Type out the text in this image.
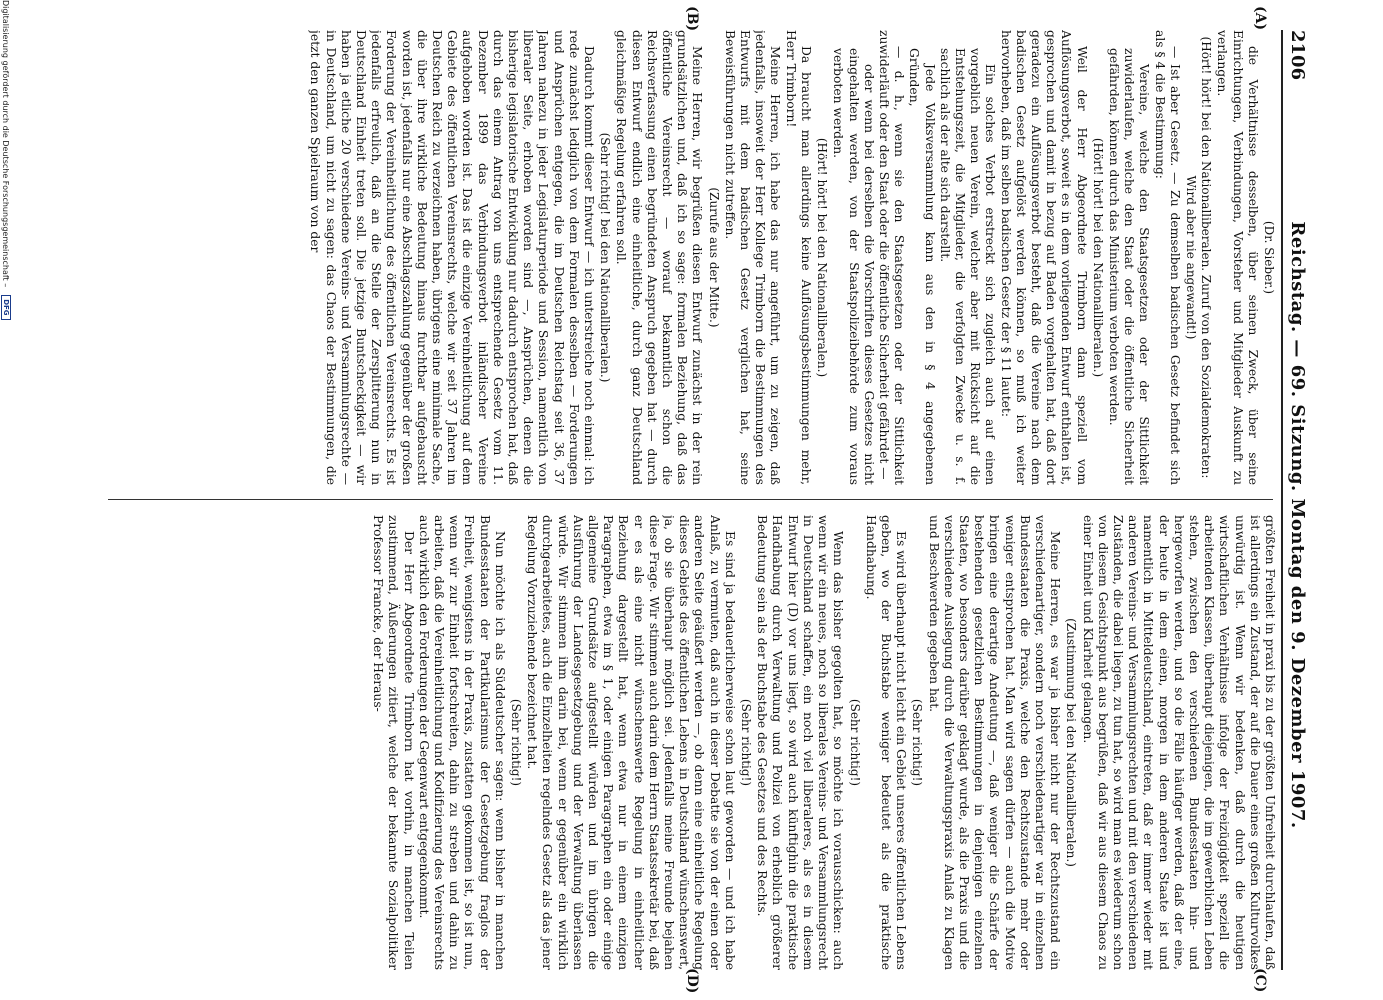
2106
Reichstag. — 69. Sitzung. Montag den 9. Dezember 1907.
(A)
(B)
(C)
(D)

(Dr. Sieber.)

die Verhältnisse desselben, über seinen Zweck, über seine Einrichtungen, Verbindungen, Vorsteher und Mitglieder Auskunft zu verlangen.

(Hört! hört! bei den Nationalliberalen. Zuruf von den Sozialdemokraten: Wird aber nie angewandt!)

— Ist aber Gesetz. — Zu demselben badischen Gesetz befindet sich als § 4 die Bestimmung:

Vereine, welche den Staatsgesetzen oder der Sittlichkeit zuwiderlaufen, welche den Staat oder die öffentliche Sicherheit gefährden, können durch das Ministerium verboten werden.

(Hört! hört! bei den Nationalliberalen.)

Weil der Herr Abgeordnete Trimborn dann speziell vom Auflösungsverbot, soweit es in dem vorliegenden Entwurf enthalten ist, gesprochen und damit in bezug auf Baden vorgehalten hat, daß dort geradezu ein Auflösungsverbot besteht, daß die Vereine nach dem badischen Gesetz aufgelöst werden können, so muß ich weiter hervorheben, daß im selben badischen Gesetz der § 11 lautet:

Ein solches Verbot erstreckt sich zugleich auch auf einen vorgeblich neuen Verein, welcher aber mit Rücksicht auf die Entstehungszeit, die Mitglieder, die verfolgten Zwecke u. s. f. sachlich als der alte sich darstellt.

Jede Volksversammlung kann aus den in § 4 angegebenen Gründen,

— d. h., wenn sie den Staatsgesetzen oder der Sittlichkeit zuwiderläuft oder den Staat oder die öffentliche Sicherheit gefährdet —

oder wenn bei derselben die Vorschriften dieses Gesetzes nicht eingehalten werden, von der Staatspolizeibehörde zum voraus verboten werden.

(Hört! hört! bei den Nationalliberalen.)

Da braucht man allerdings keine Auflösungsbestimmungen mehr, Herr Trimborn!

Meine Herren, ich habe das nur angeführt, um zu zeigen, daß jedenfalls, insoweit der Herr Kollege Trimborn die Bestimmungen des Entwurfs mit dem badischen Gesetz verglichen hat, seine Beweisführungen nicht zutreffen.

(Zurufe aus der Mitte.)

Meine Herren, wir begrüßen diesen Entwurf zunächst in der rein grundsätzlichen und, daß ich so sage: formalen Beziehung, daß das öffentliche Vereinsrecht — worauf bekanntlich schon die Reichsverfassung einen begründeten Anspruch gegeben hat — durch diesen Entwurf endlich eine einheitliche, durch ganz Deutschland gleichmäßige Regelung erfahren soll.

(Sehr richtig! bei den Nationalliberalen.)

Dadurch kommt dieser Entwurf — ich unterstreiche noch einmal: ich rede zunächst lediglich von dem Formalen desselben — Forderungen und Ansprüchen entgegen, die im Deutschen Reichstag seit 36, 37 Jahren nahezu in jeder Legislaturperiode und Session, namentlich von liberaler Seite, erhoben worden sind —, Ansprüchen, denen die bisherige legislatorische Entwicklung nur dadurch entsprochen hat, daß durch das einem Antrag von uns entsprechende Gesetz vom 11. Dezember 1899 das Verbindungsverbot inländischer Vereine aufgehoben worden ist. Das ist die einzige Vereinheitlichung auf dem Gebiete des öffentlichen Vereinsrechts, welche wir seit 37 Jahren im Deutschen Reich zu verzeichnen haben, übrigens eine minimale Sache, die über ihre wirkliche Bedeutung hinaus furchtbar aufgebauscht worden ist, jedenfalls nur eine Abschlagszahlung gegenüber der großen Forderung der Vereinheitlichung des öffentlichen Vereinsrechts. Es ist jedenfalls erfreulich, daß an die Stelle der Zersplitterung nun in Deutschland Einheit treten soll. Die jetzige Buntscheckigkeit — wir haben ja etliche 20 verschiedene Vereins- und Versammlungsrechte — in Deutschland, um nicht zu sagen: das Chaos der Bestimmungen, die jetzt den ganzen Spielraum von der

größten Freiheit in praxi bis zu der größten Unfreiheit durchlaufen, daß ist allerdings ein Zustand, der auf die Dauer eines großen Kulturvolkes unwürdig ist. Wenn wir bedenken, daß durch die heutigen wirtschaftlichen Verhältnisse infolge der Freizügigkeit speziell die arbeitenden Klassen, überhaupt diejenigen, die im gewerblichen Leben stehen, zwischen den verschiedenen Bundesstaaten hin- und hergeworfen werden, und so die Fälle häufiger werden, daß der eine, der heute in dem einen, morgen in dem anderen Staate ist und namentlich in Mitteldeutschland, eintreten, daß er immer wieder mit anderen Vereins- und Versammlungsrechten und mit den verschiedenen Zuständen, die dabei liegen, zu tun hat, so wird man es wiederum schon von diesem Gesichtspunkt aus begrüßen, daß wir aus diesem Chaos zu einer Einheit und Klarheit gelangen.

(Zustimmung bei den Nationalliberalen.)

Meine Herren, es war ja bisher nicht nur der Rechtszustand ein verschiedenartiger, sondern noch verschiedenartiger war in einzelnen Bundesstaaten die Praxis, welche den Rechtszustande mehr oder weniger entsprochen hat. Man wird sagen dürfen — auch die Motive bringen eine derartige Andeutung —, daß weniger die Schärfe der bestehenden gesetzlichen Bestimmungen in denjenigen einzelnen Staaten, wo besonders darüber geklagt wurde, als die Praxis und die verschiedene Auslegung durch die Verwaltungspraxis Anlaß zu Klagen und Beschwerden gegeben hat.

(Sehr richtig!)

Es wird überhaupt nicht leicht ein Gebiet unseres öffentlichen Lebens geben, wo der Buchstabe weniger bedeutet als die praktische Handhabung.

(Sehr richtig!)

Wenn das bisher gegolten hat, so möchte ich vorausschicken: auch wenn wir ein neues, noch so liberales Vereins- und Versammlungsrecht in Deutschland schaffen, ein noch viel liberaleres, als es in diesem Entwurf hier (D) vor uns liegt, so wird auch künftighin die praktische Handhabung durch Verwaltung und Polizei von erheblich größerer Bedeutung sein als der Buchstabe des Gesetzes und des Rechts.

(Sehr richtig!)

Es sind ja bedauerlicherweise schon laut geworden — und ich habe Anlaß, zu vermuten, daß auch in dieser Debatte sie von der einen oder anderen Seite geäußert werden —, ob denn eine einheitliche Regelung dieses Gebiets des öffentlichen Lebens in Deutschland wünschenswert, ja, ob sie überhaupt möglich sei. Jedenfalls meine Freunde bejahen diese Frage. Wir stimmen auch darin dem Herrn Staatssekretär bei, daß er es als eine nicht wünschenswerte Regelung in einheitlicher Beziehung dargestellt hat, wenn etwa nur in einem einzigen Paragraphen, etwa im § 1, oder einigen Paragraphen ein oder einige allgemeine Grundsätze aufgestellt würden und im übrigen die Ausführung der Landesgesetzgebung und der Verwaltung überlassen würde. Wir stimmen ihm darin bei, wenn er gegenüber ein wirklich durchgearbeitetes, auch die Einzelheiten regelndes Gesetz als das jener Regelung Vorzuziehende bezeichnet hat.

(Sehr richtig!)

Nun möchte ich als Süddeutscher sagen: wenn bisher in manchen Bundesstaaten der Partikularismus der Gesetzgebung fraglos der Freiheit, wenigstens in der Praxis, zustatten gekommen ist, so ist nun, wenn wir zur Einheit fortschreiten, dahin zu streben und dahin zu arbeiten, daß die Vereinheitlichung und Kodifizierung des Vereinsrechts auch wirklich den Forderungen der Gegenwart entgegenkommt.

Der Herr Abgeordnete Trimborn hat vorhin, in manchen Teilen zustimmend, Äußerungen zitiert, welche der bekannte Sozialpolitiker Professor Francke, der Heraus-

Digitalisierung gefördert durch die Deutsche Forschungsgemeinschaft –
DFG
